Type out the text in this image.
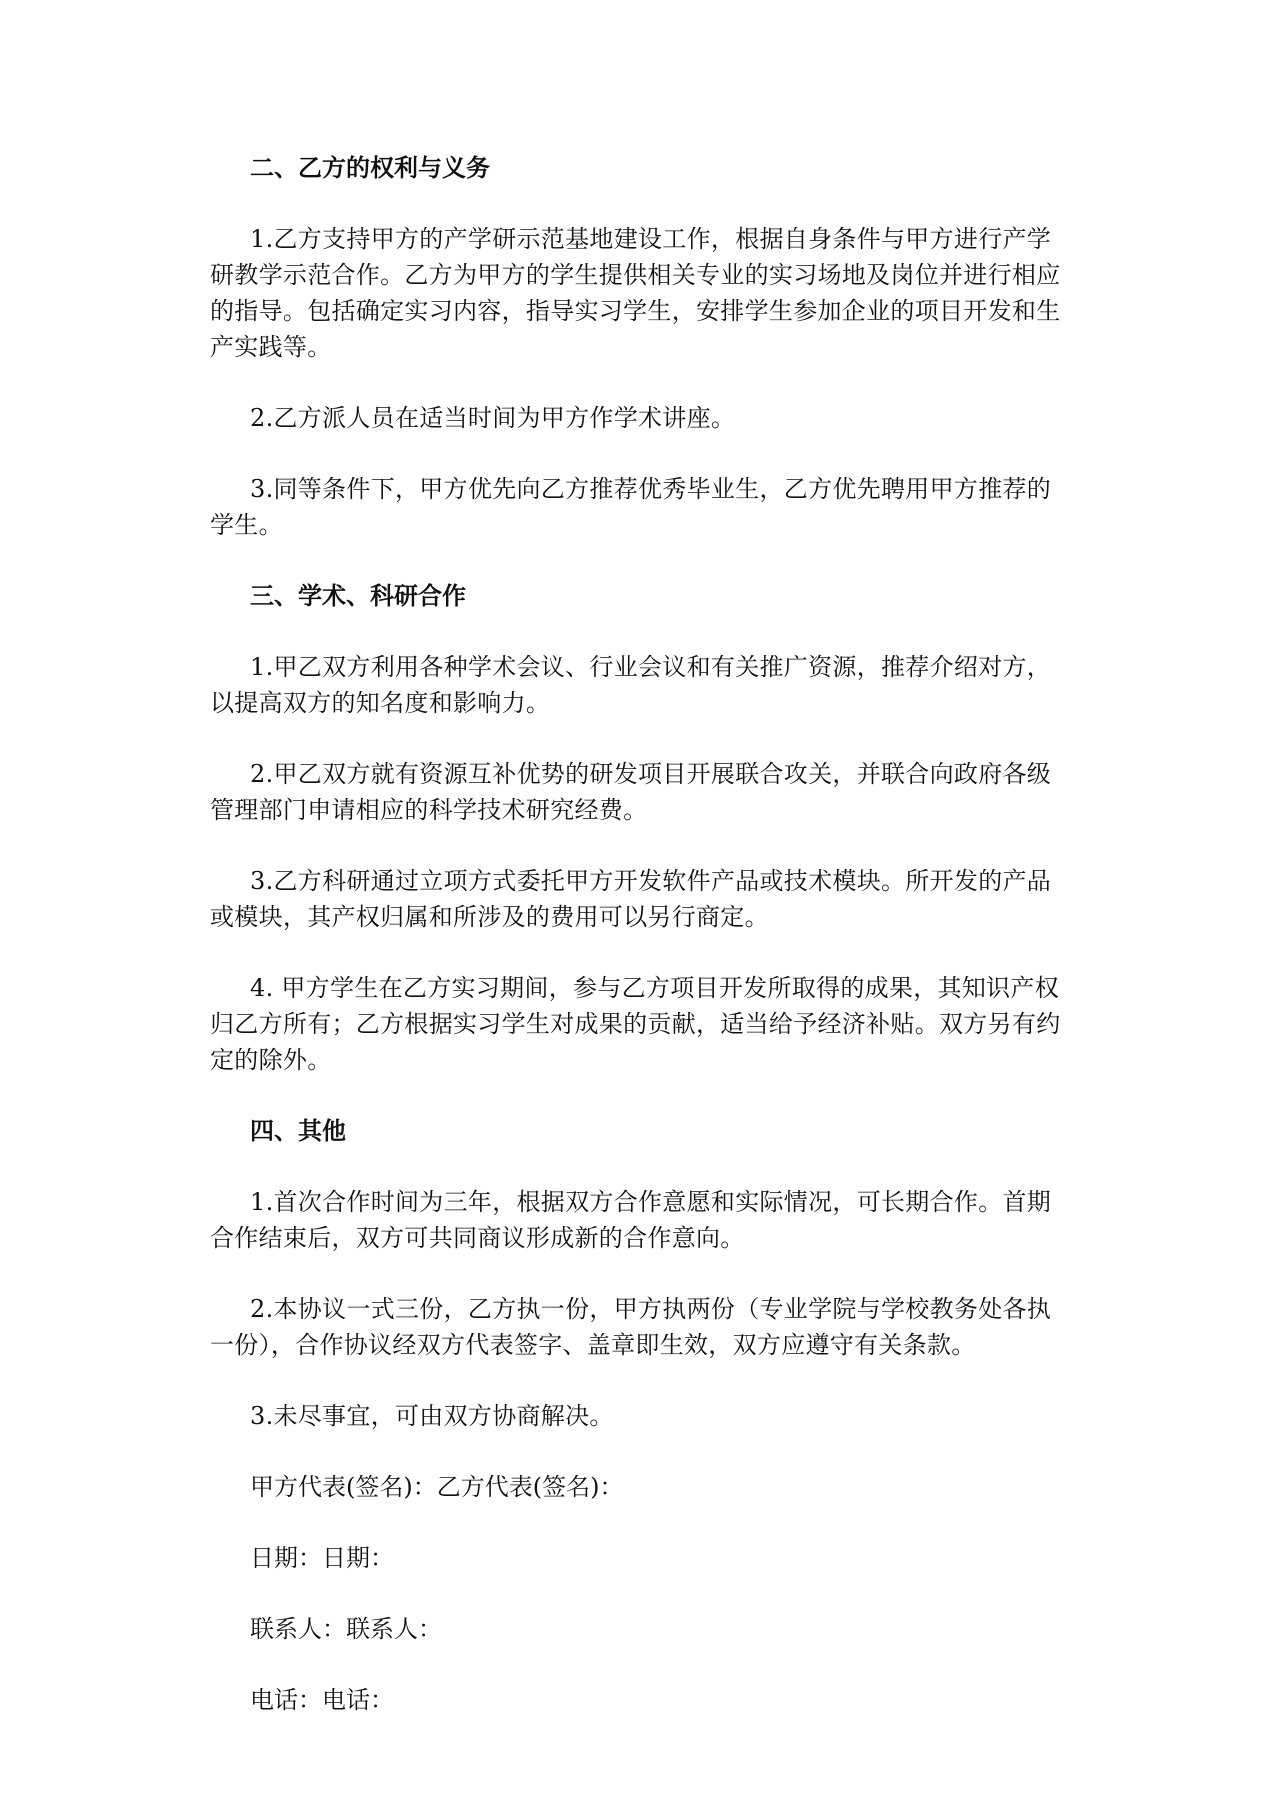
二、乙方的权利与义务

1.乙方支持甲方的产学研示范基地建设工作，根据自身条件与甲方进行产学研教学示范合作。乙方为甲方的学生提供相关专业的实习场地及岗位并进行相应的指导。包括确定实习内容，指导实习学生，安排学生参加企业的项目开发和生产实践等。

2.乙方派人员在适当时间为甲方作学术讲座。

3.同等条件下，甲方优先向乙方推荐优秀毕业生，乙方优先聘用甲方推荐的学生。

三、学术、科研合作

1.甲乙双方利用各种学术会议、行业会议和有关推广资源，推荐介绍对方，以提高双方的知名度和影响力。

2.甲乙双方就有资源互补优势的研发项目开展联合攻关，并联合向政府各级管理部门申请相应的科学技术研究经费。

3.乙方科研通过立项方式委托甲方开发软件产品或技术模块。所开发的产品或模块，其产权归属和所涉及的费用可以另行商定。

4. 甲方学生在乙方实习期间，参与乙方项目开发所取得的成果，其知识产权归乙方所有；乙方根据实习学生对成果的贡献，适当给予经济补贴。双方另有约定的除外。

四、其他

1.首次合作时间为三年，根据双方合作意愿和实际情况，可长期合作。首期合作结束后，双方可共同商议形成新的合作意向。

2.本协议一式三份，乙方执一份，甲方执两份（专业学院与学校教务处各执一份），合作协议经双方代表签字、盖章即生效，双方应遵守有关条款。

3.未尽事宜，可由双方协商解决。

甲方代表(签名)：乙方代表(签名)：
日期：日期：
联系人：联系人：
电话：电话：
